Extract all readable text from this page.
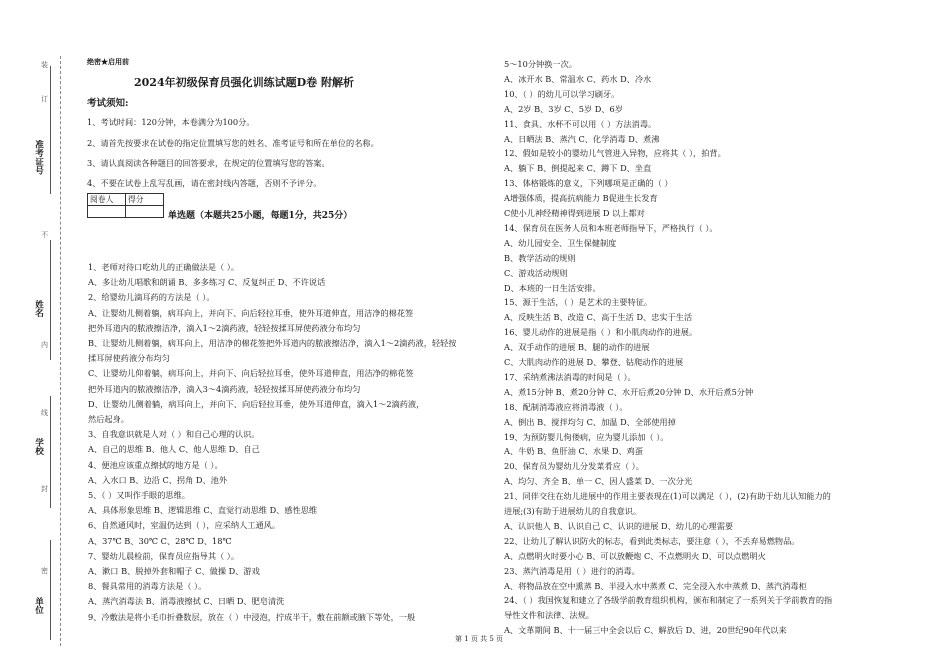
准考证号
姓名
学校
单位
装
订
不
内
线
封
密
绝密★启用前
2024年初级保育员强化训练试题D卷 附解析
考试须知:
1、考试时间：120分钟，本卷满分为100分。
2、请首先按要求在试卷的指定位置填写您的姓名、准考证号和所在单位的名称。
3、请认真阅读各种题目的回答要求，在规定的位置填写您的答案。
4、不要在试卷上乱写乱画，请在密封线内答题，否则不予评分。
阅卷人	得分

单选题（本题共25小题，每题1分，共25分）
1、老师对待口吃幼儿的正确做法是（ ）。
A、多让幼儿唱歌和朗诵 B、多多练习 C、反复纠正 D、不许说话
2、给婴幼儿滴耳药的方法是（ ）。
A、让婴幼儿侧着躺，病耳向上，并向下、向后轻拉耳垂，使外耳道伸直，用洁净的棉花签
把外耳道内的脓液擦洁净，滴入1～2滴药液，轻轻按揉耳屏使药液分布均匀
B、让婴幼儿侧着躺，病耳向上，用洁净的棉花签把外耳道内的脓液擦洁净，滴入1～2滴药液，轻轻按
揉耳屏使药液分布均匀
C、让婴幼儿仰着躺，病耳向上，并向下、向后轻拉耳垂，使外耳道伸直，用洁净的棉花签
把外耳道内的脓液擦洁净，滴入3～4滴药液，轻轻按揉耳屏使药液分布均匀
D、让婴幼儿侧着躺，病耳向上，并向下、向后轻拉耳垂，使外耳道伸直，滴入1～2滴药液，
然后起身。
3、自我意识就是人对（ ）和自己心理的认识。
A、自己的思维 B、他人 C、他人思维 D、自己
4、便池应该重点擦拭的地方是（ ）。
A、入水口 B、边沿 C、拐角 D、池外
5、（ ）又叫作手眼的思维。
A、具体形象思维 B、逻辑思维 C、直觉行动思维 D、感性思维
6、自然通风时，室温仍达到（ ），应采纳人工通风。
A、37℃ B、30℃ C、28℃ D、18℃
7、婴幼儿晨检前，保育员应指导其（ ）。
A、漱口 B、脱掉外套和帽子 C、做操 D、游戏
8、餐具常用的消毒方法是（ ）。
A、蒸汽消毒法 B、消毒液擦拭 C、日晒 D、肥皂清洗
9、冷敷法是将小毛巾折叠数层，放在（ ）中浸泡，拧成半干，敷在前额或腋下等处，一般
5～10分钟换一次。
A、冰开水 B、常温水 C、药水 D、冷水
10、（ ）的幼儿可以学习刷牙。
A、2岁 B、3岁 C、5岁 D、6岁
11、食具、水杯不可以用（ ）方法消毒。
A、日晒法 B、蒸汽 C、化学消毒 D、煮沸
12、假如是较小的婴幼儿气管进入异物，应将其（ ），拍背。
A、躺下 B、倒提起来 C、蹲下 D、坐直
13、体格锻炼的意义，下列哪项是正确的（ ）
A增强体质，提高抗病能力 B促进生长发育
C使小儿神经精神得到进展 D 以上都对
14、保育员在医务人员和本班老师指导下，严格执行（ ）。
A、幼儿园安全、卫生保健制度
B、教学活动的规则
C、游戏活动规则
D、本班的一日生活安排。
15、源于生活，（ ）是艺术的主要特征。
A、反映生活 B、改造 C、高于生活 D、忠实于生活
16、婴儿动作的进展是指（ ）和小肌肉动作的进展。
A、双手动作的进展 B、腿的动作的进展
C、大肌肉动作的进展 D、攀登、钻爬动作的进展
17、采纳煮沸法消毒的时间是（ ）。
A、煮15分钟 B、煮20分钟 C、水开后煮20分钟 D、水开后煮5分钟
18、配制消毒液应将消毒液（ ）。
A、倒出 B、搅拌均匀 C、加温 D、全部使用掉
19、为预防婴儿佝偻病，应为婴儿添加（ ）。
A、牛奶 B、鱼肝油 C、水果 D、鸡蛋
20、保育员为婴幼儿分发菜肴应（ ）。
A、均匀、齐全 B、单一 C、因人盛菜 D、一次分光
21、同伴交往在幼儿进展中的作用主要表现在(1)可以满足（ ），(2)有助于幼儿认知能力的
进展;(3)有助于进展幼儿的自我意识。
A、认识他人 B、认识自己 C、认识的进展 D、幼儿的心理需要
22、让幼儿了解认识防火的标志，看到此类标志，要注意（ ），不丢弃易燃物品。
A、点燃明火时要小心 B、可以放鞭炮 C、不点燃明火 D、可以点燃明火
23、蒸汽消毒是用（ ）进行的消毒。
A、将物品放在空中熏蒸 B、半浸入水中蒸煮 C、完全浸入水中蒸煮 D、蒸汽消毒柜
24、（ ）我国恢复和建立了各级学前教育组织机构，颁布和制定了一系列关于学前教育的指
导性文件和法律、法规。
A、文革期间 B、十一届三中全会以后 C、解放后 D、进，20世纪90年代以来
第 1 页 共 5 页
